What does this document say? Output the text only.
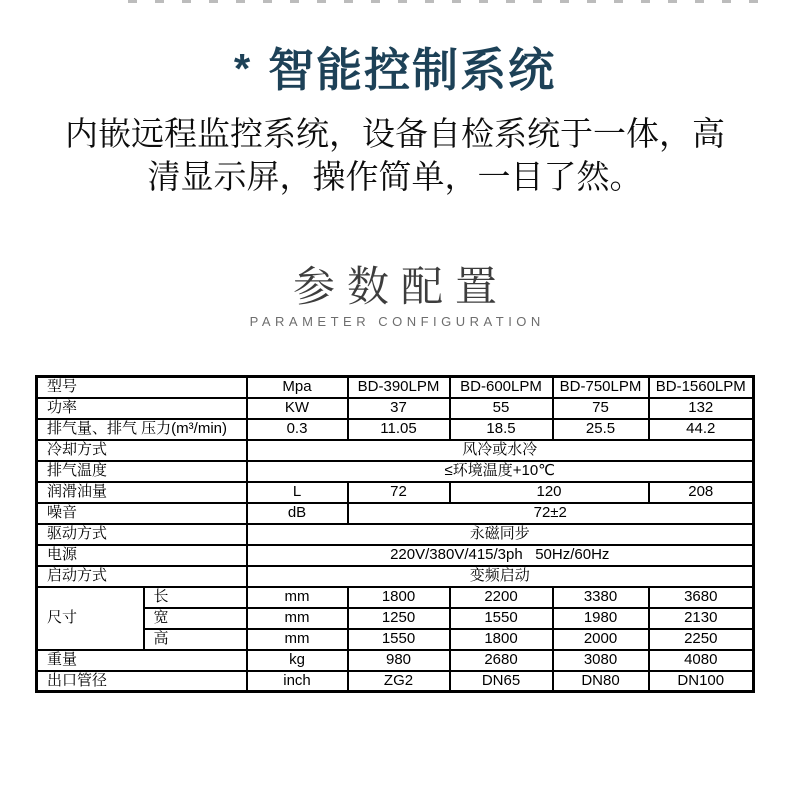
* 智能控制系统
内嵌远程监控系统，设备自检系统于一体，高
清显示屏，操作简单，一目了然。
参数配置
PARAMETER CONFIGURATION
型号		Mpa	BD-390LPM	BD-600LPM	BD-750LPM	BD-1560LPM
功率		KW	37	55	75	132
排气量、排气 压力(m³/min)		0.3	11.05	18.5	25.5	44.2
冷却方式		风冷或水冷				
排气温度		≤环境温度+10℃				
润滑油量		L	72	120		208
噪音		dB	72±2			
驱动方式		永磁同步				
电源		220V/380V/415/3ph   50Hz/60Hz				
启动方式		变频启动				
尺寸	长	mm	1800	2200	3380	3680
	宽	mm	1250	1550	1980	2130
	高	mm	1550	1800	2000	2250
重量		kg	980	2680	3080	4080
出口管径		inch	ZG2	DN65	DN80	DN100
